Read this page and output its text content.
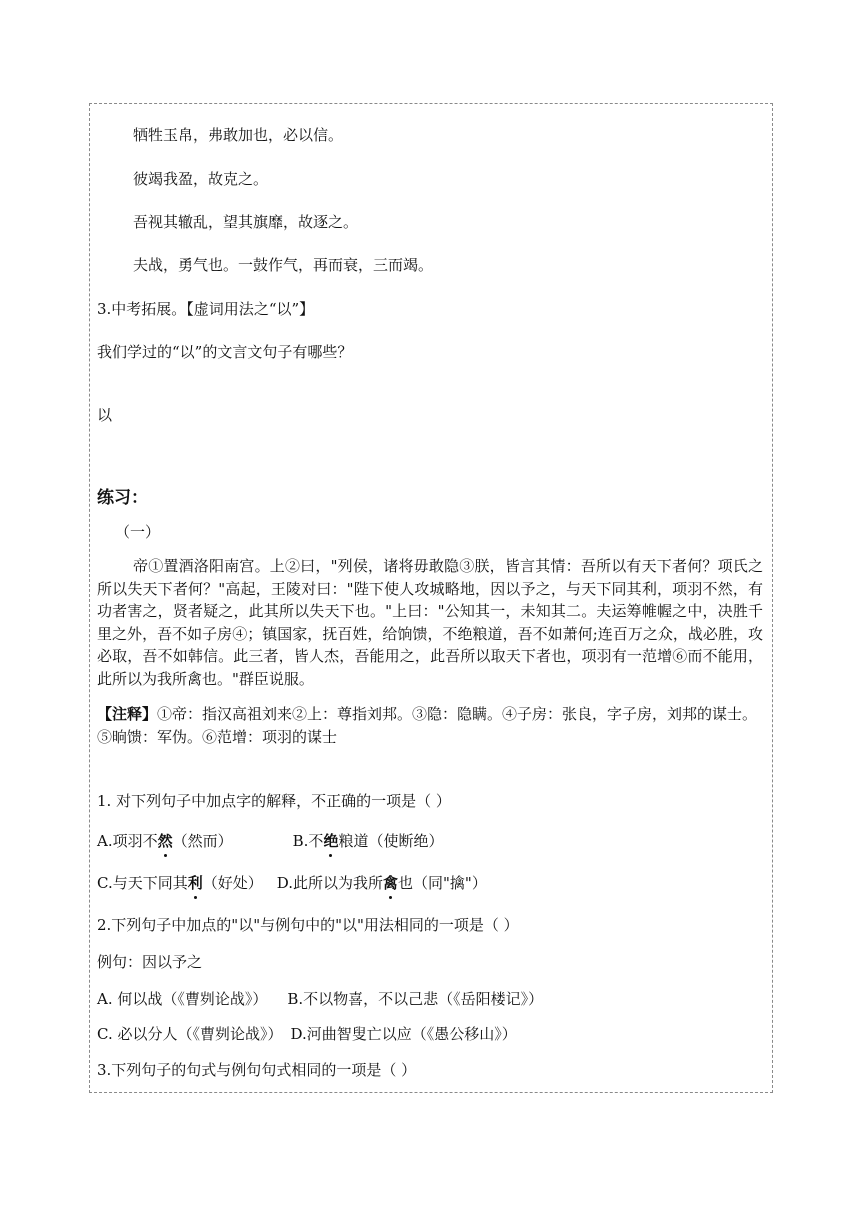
牺牲玉帛，弗敢加也，必以信。

彼竭我盈，故克之。

吾视其辙乱，望其旗靡，故逐之。

夫战，勇气也。一鼓作气，再而衰，三而竭。

3.中考拓展。【虚词用法之“以”】

我们学过的“以”的文言文句子有哪些？

以

练习：

（一）

帝①置酒洛阳南宫。上②曰，"列侯，诸将毋敢隐③朕，皆言其情：吾所以有天下者何？项氏之所以失天下者何？"高起，王陵对曰："陛下使人攻城略地，因以予之，与天下同其利，项羽不然，有功者害之，贤者疑之，此其所以失天下也。"上曰："公知其一，未知其二。夫运筹帷幄之中，决胜千里之外，吾不如子房④；镇国家，抚百姓，给饷馈，不绝粮道，吾不如萧何;连百万之众，战必胜，攻必取，吾不如韩信。此三者，皆人杰，吾能用之，此吾所以取天下者也，项羽有一范增⑥而不能用，此所以为我所禽也。"群臣说服。

【注释】①帝：指汉高祖刘来②上：尊指刘邦。③隐：隐瞒。④子房：张良，字子房，刘邦的谋士。⑤晌馈：军伪。⑥范增：项羽的谋士

1. 对下列句子中加点字的解释，不正确的一项是（ ）

A.项羽不然（然而）	B.不绝粮道（使断绝）

C.与天下同其利（好处） D.此所以为我所禽也（同"擒"）

2.下列句子中加点的"以"与例句中的"以"用法相同的一项是（ ）

例句：因以予之

A. 何以战（《曹刿论战》） B.不以物喜，不以己悲（《岳阳楼记》）

C. 必以分人（《曹刿论战》） D.河曲智叟亡以应（《愚公移山》）

3.下列句子的句式与例句句式相同的一项是（ ）
